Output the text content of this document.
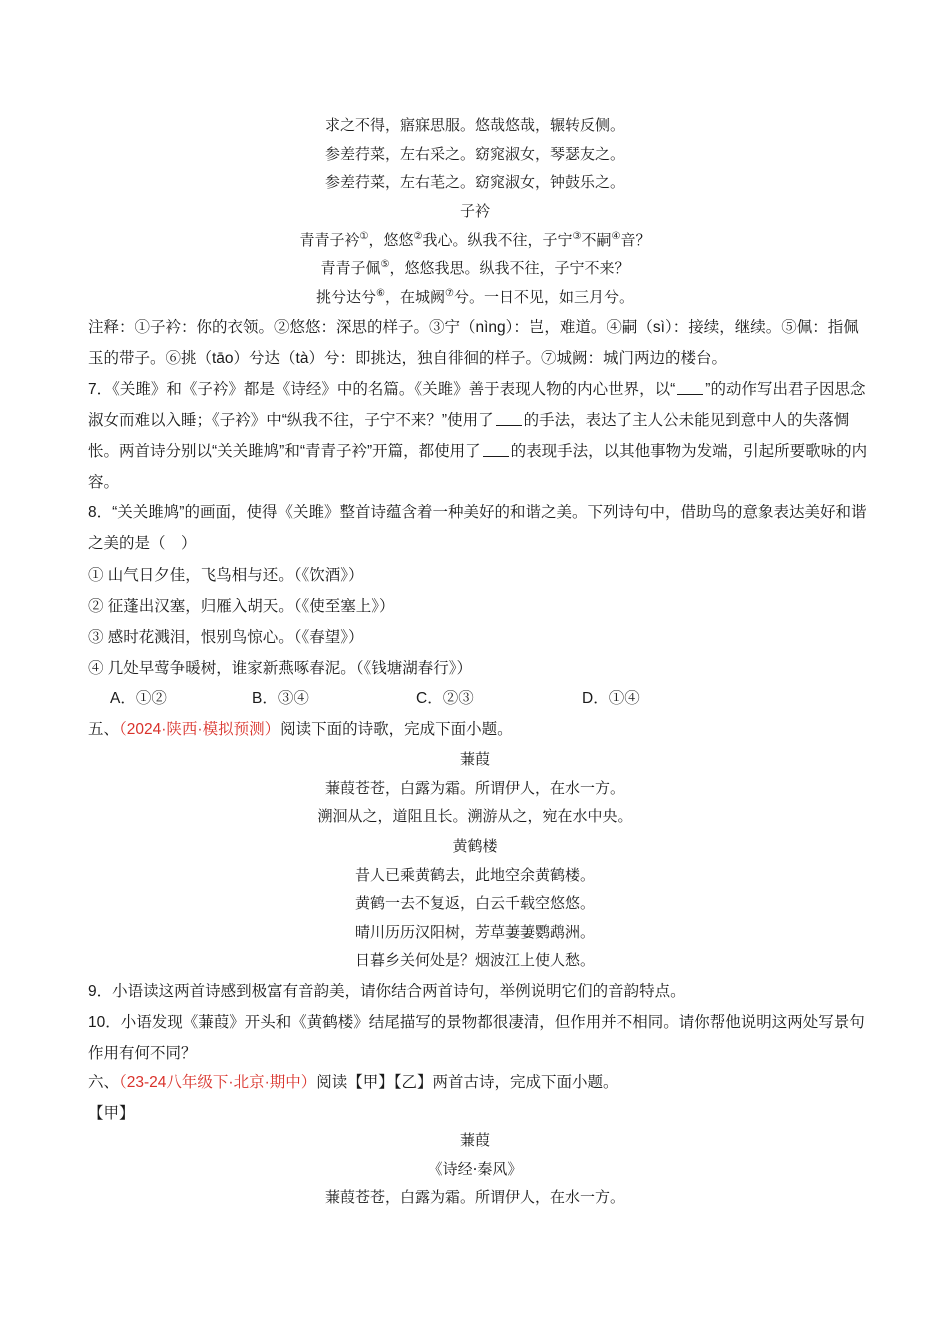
求之不得，寤寐思服。悠哉悠哉，辗转反侧。
参差荇菜，左右采之。窈窕淑女，琴瑟友之。
参差荇菜，左右芼之。窈窕淑女，钟鼓乐之。
子衿
青青子衿①，悠悠②我心。纵我不往，子宁③不嗣④音？
青青子佩⑤，悠悠我思。纵我不往，子宁不来？
挑兮达兮⑥，在城阙⑦兮。一日不见，如三月兮。
注释：①子衿：你的衣领。②悠悠：深思的样子。③宁（nìng）：岂，难道。④嗣（sì）：接续，继续。⑤佩：指佩玉的带子。⑥挑（tāo）兮达（tà）兮：即挑达，独自徘徊的样子。⑦城阙：城门两边的楼台。
7．《关雎》和《子衿》都是《诗经》中的名篇。《关雎》善于表现人物的内心世界，以“ ”的动作写出君子因思念淑女而难以入睡；《子衿》中“纵我不往，子宁不来？”使用了 的手法，表达了主人公未能见到意中人的失落惆怅。两首诗分别以“关关雎鸠”和“青青子衿”开篇，都使用了 的表现手法，以其他事物为发端，引起所要歌咏的内容。
8．“关关雎鸠”的画面，使得《关雎》整首诗蕴含着一种美好的和谐之美。下列诗句中，借助鸟的意象表达美好和谐之美的是（　）
① 山气日夕佳，飞鸟相与还。（《饮酒》）
② 征蓬出汉塞，归雁入胡天。（《使至塞上》）
③ 感时花溅泪，恨别鸟惊心。（《春望》）
④ 几处早莺争暖树，谁家新燕啄春泥。（《钱塘湖春行》）
A．①②	B．③④	C．②③	D．①④
五、（2024·陕西·模拟预测）阅读下面的诗歌，完成下面小题。
蒹葭
蒹葭苍苍，白露为霜。所谓伊人，在水一方。
溯洄从之，道阻且长。溯游从之，宛在水中央。
黄鹤楼
昔人已乘黄鹤去，此地空余黄鹤楼。
黄鹤一去不复返，白云千载空悠悠。
晴川历历汉阳树，芳草萋萋鹦鹉洲。
日暮乡关何处是？烟波江上使人愁。
9．小语读这两首诗感到极富有音韵美，请你结合两首诗句，举例说明它们的音韵特点。
10．小语发现《蒹葭》开头和《黄鹤楼》结尾描写的景物都很凄清，但作用并不相同。请你帮他说明这两处写景句作用有何不同？
六、（23-24八年级下·北京·期中）阅读【甲】【乙】两首古诗，完成下面小题。
【甲】
蒹葭
《诗经·秦风》
蒹葭苍苍，白露为霜。所谓伊人，在水一方。
